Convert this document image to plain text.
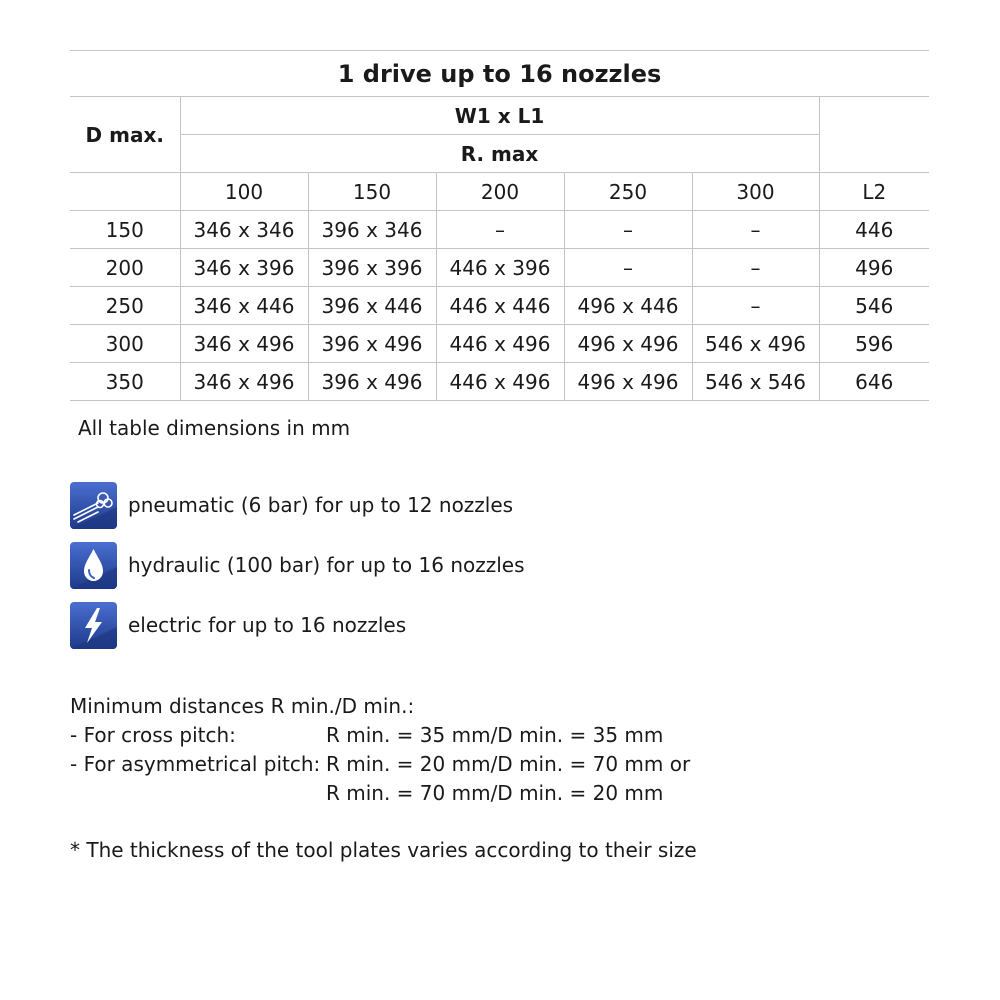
1 drive up to 16 nozzles						
D max.	W1 x L1					
	R. max					
	100	150	200	250	300	L2
150	346 x 346	396 x 346	–	–	–	446
200	346 x 396	396 x 396	446 x 396	–	–	496
250	346 x 446	396 x 446	446 x 446	496 x 446	–	546
300	346 x 496	396 x 496	446 x 496	496 x 496	546 x 496	596
350	346 x 496	396 x 496	446 x 496	496 x 496	546 x 546	646
All table dimensions in mm
pneumatic (6 bar) for up to 12 nozzles
hydraulic (100 bar) for up to 16 nozzles
electric for up to 16 nozzles
Minimum distances R min./D min.:
- For cross pitch:	R min. = 35 mm/D min. = 35 mm
- For asymmetrical pitch: R min. = 20 mm/D min. = 70 mm or
R min. = 70 mm/D min. = 20 mm
* The thickness of the tool plates varies according to their size
